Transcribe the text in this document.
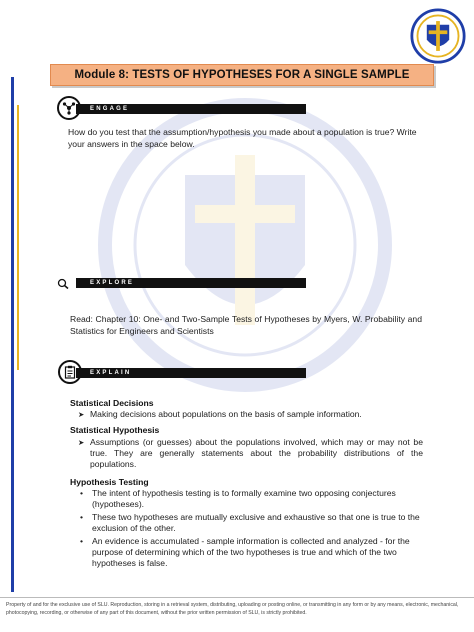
Module 8: TESTS OF HYPOTHESES FOR A SINGLE SAMPLE
ENGAGE
How do you test that the assumption/hypothesis you made about a population is true? Write your answers in the space below.
EXPLORE
Read: Chapter 10: One- and Two-Sample Tests of Hypotheses by Myers, W. Probability and Statistics for Engineers and Scientists
EXPLAIN
Statistical Decisions
➤ Making decisions about populations on the basis of sample information.
Statistical Hypothesis
➤ Assumptions (or guesses) about the populations involved, which may or may not be true. They are generally statements about the probability distributions of the populations.
Hypothesis Testing
•	The intent of hypothesis testing is to formally examine two opposing conjectures (hypotheses).
•	These two hypotheses are mutually exclusive and exhaustive so that one is true to the exclusion of the other.
•	An evidence is accumulated - sample information is collected and analyzed - for the purpose of determining which of the two hypotheses is true and which of the two hypotheses is false.
Property of and for the exclusive use of SLU. Reproduction, storing in a retrieval system, distributing, uploading or posting online, or transmitting in any form or by any means, electronic, mechanical, photocopying, recording, or otherwise of any part of this document, without the prior written permission of SLU, is strictly prohibited.
